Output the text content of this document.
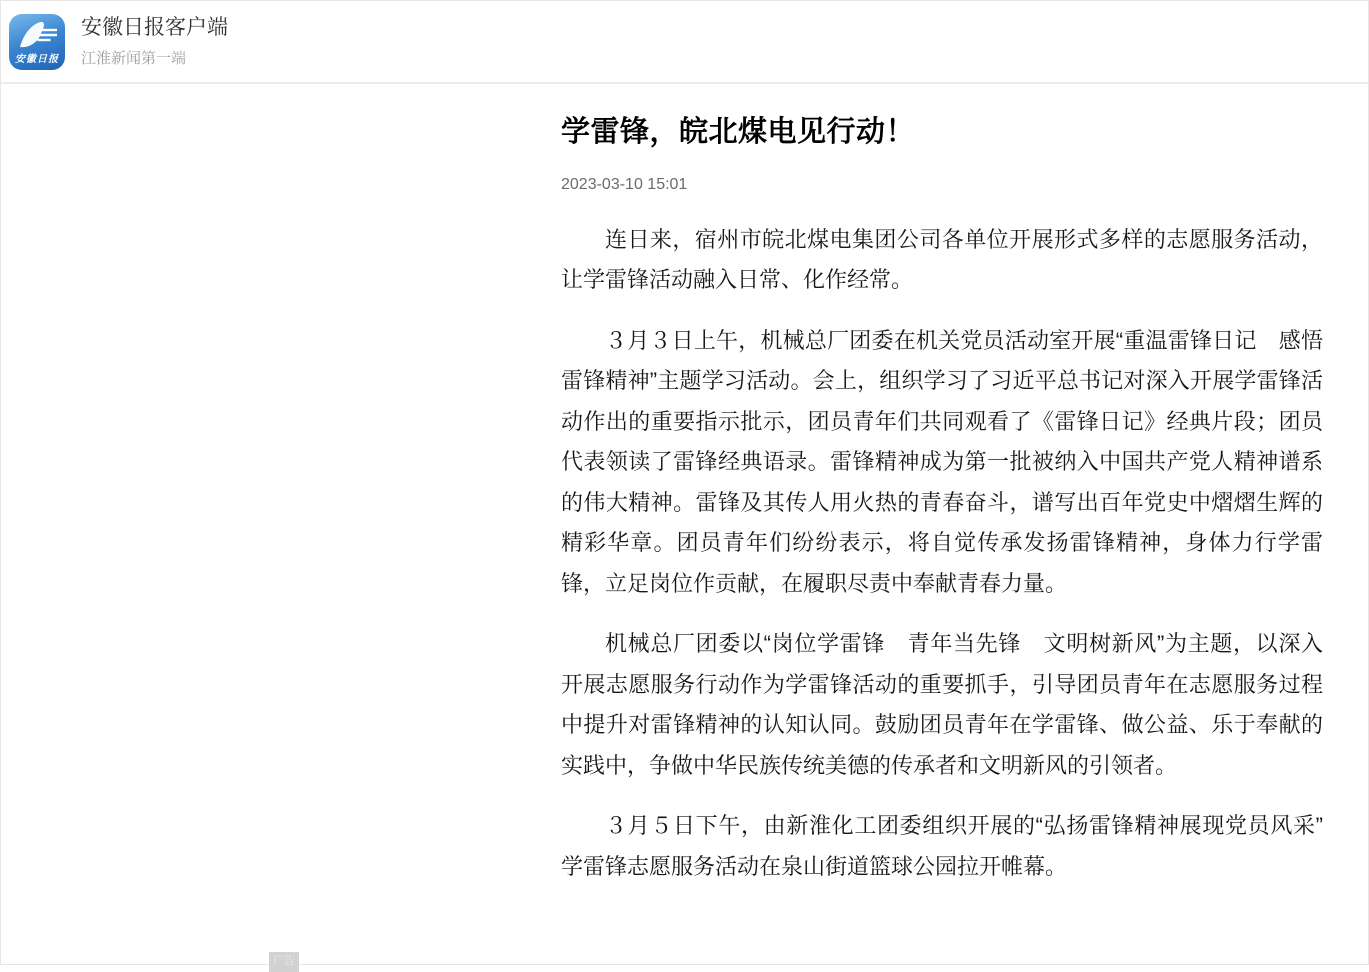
安徽日报
安徽日报客户端
江淮新闻第一端
学雷锋，皖北煤电见行动！
2023-03-10 15:01

连日来，宿州市皖北煤电集团公司各单位开展形式多样的志愿服务活动，让学雷锋活动融入日常、化作经常。

３月３日上午，机械总厂团委在机关党员活动室开展“重温雷锋日记　感悟雷锋精神”主题学习活动。会上，组织学习了习近平总书记对深入开展学雷锋活动作出的重要指示批示，团员青年们共同观看了《雷锋日记》经典片段；团员代表领读了雷锋经典语录。雷锋精神成为第一批被纳入中国共产党人精神谱系的伟大精神。雷锋及其传人用火热的青春奋斗，谱写出百年党史中熠熠生辉的精彩华章。团员青年们纷纷表示，将自觉传承发扬雷锋精神，身体力行学雷锋，立足岗位作贡献，在履职尽责中奉献青春力量。

机械总厂团委以“岗位学雷锋　青年当先锋　文明树新风”为主题，以深入开展志愿服务行动作为学雷锋活动的重要抓手，引导团员青年在志愿服务过程中提升对雷锋精神的认知认同。鼓励团员青年在学雷锋、做公益、乐于奉献的实践中，争做中华民族传统美德的传承者和文明新风的引领者。

３月５日下午，由新淮化工团委组织开展的“弘扬雷锋精神展现党员风采”学雷锋志愿服务活动在泉山街道篮球公园拉开帷幕。

广告
